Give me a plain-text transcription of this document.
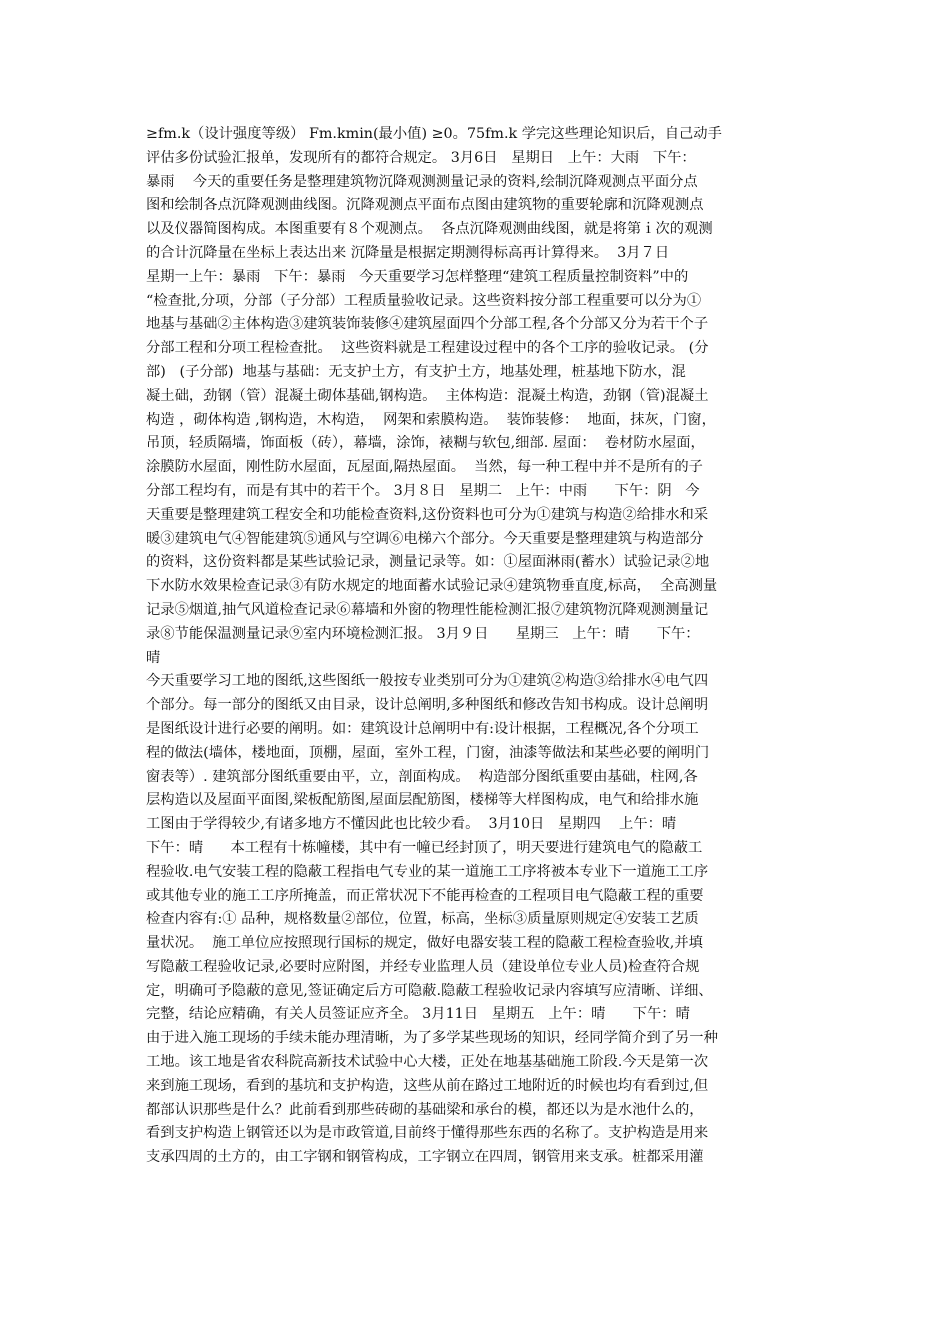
≥fm.k（设计强度等级） Fm.kmin(最小值) ≥0。75fm.k 学完这些理论知识后，自己动手
评估多份试验汇报单，发现所有的都符合规定。 3月6日   星期日   上午：大雨   下午：
暴雨    今天的重要任务是整理建筑物沉降观测测量记录的资料,绘制沉降观测点平面分点
图和绘制各点沉降观测曲线图。沉降观测点平面布点图由建筑物的重要轮廓和沉降观测点
以及仪器简图构成。本图重要有８个观测点。  各点沉降观测曲线图，就是将第ｉ次的观测
的合计沉降量在坐标上表达出来 沉降量是根据定期测得标高再计算得来。  3月７日
星期一上午：暴雨   下午：暴雨   今天重要学习怎样整理“建筑工程质量控制资料”中的
“检查批,分项，分部（子分部）工程质量验收记录。这些资料按分部工程重要可以分为①
地基与基础②主体构造③建筑装饰装修④建筑屋面四个分部工程,各个分部又分为若干个子
分部工程和分项工程检查批。  这些资料就是工程建设过程中的各个工序的验收记录。 (分
部)   (子分部)  地基与基础：无支护土方，有支护土方，地基处理，桩基地下防水，混
凝土础，劲钢（管）混凝土砌体基础,钢构造。  主体构造：混凝土构造，劲钢（管)混凝土
构造 ，砌体构造 ,钢构造，木构造，  网架和索膜构造。  装饰装修：  地面，抹灰，门窗，
吊顶，轻质隔墙，饰面板（砖），幕墙，涂饰，裱糊与软包,细部. 屋面：  卷材防水屋面，
涂膜防水屋面，刚性防水屋面，瓦屋面,隔热屋面。  当然，每一种工程中并不是所有的子
分部工程均有，而是有其中的若干个。 3月８日   星期二   上午：中雨      下午：阴   今
天重要是整理建筑工程安全和功能检查资料,这份资料也可分为①建筑与构造②给排水和采
暖③建筑电气④智能建筑⑤通风与空调⑥电梯六个部分。今天重要是整理建筑与构造部分
的资料，这份资料都是某些试验记录，测量记录等。如：①屋面淋雨(蓄水）试验记录②地
下水防水效果检查记录③有防水规定的地面蓄水试验记录④建筑物垂直度,标高，  全高测量
记录⑤烟道,抽气风道检查记录⑥幕墙和外窗的物理性能检测汇报⑦建筑物沉降观测测量记
录⑧节能保温测量记录⑨室内环境检测汇报。 3月９日      星期三   上午：晴      下午：
晴
今天重要学习工地的图纸,这些图纸一般按专业类别可分为①建筑②构造③给排水④电气四
个部分。每一部分的图纸又由目录，设计总阐明,多种图纸和修改告知书构成。设计总阐明
是图纸设计进行必要的阐明。如：建筑设计总阐明中有:设计根据，工程概况,各个分项工
程的做法(墙体，楼地面，顶棚，屋面，室外工程，门窗，油漆等做法和某些必要的阐明门
窗表等）. 建筑部分图纸重要由平，立，剖面构成。  构造部分图纸重要由基础，柱网,各
层构造以及屋面平面图,梁板配筋图,屋面层配筋图，楼梯等大样图构成，电气和给排水施
工图由于学得较少,有诸多地方不懂因此也比较少看。  3月10日   星期四    上午：晴
下午：晴      本工程有十栋幢楼，其中有一幢已经封顶了，明天要进行建筑电气的隐蔽工
程验收.电气安装工程的隐蔽工程指电气专业的某一道施工工序将被本专业下一道施工工序
或其他专业的施工工序所掩盖，而正常状况下不能再检查的工程项目电气隐蔽工程的重要
检查内容有:① 品种，规格数量②部位，位置，标高，坐标③质量原则规定④安装工艺质
量状况。  施工单位应按照现行国标的规定，做好电器安装工程的隐蔽工程检查验收,并填
写隐蔽工程验收记录,必要时应附图，并经专业监理人员（建设单位专业人员)检查符合规
定，明确可予隐蔽的意见,签证确定后方可隐蔽.隐蔽工程验收记录内容填写应清晰、详细、
完整，结论应精确，有关人员签证应齐全。 3月11日   星期五   上午：晴      下午：晴
由于进入施工现场的手续未能办理清晰，为了多学某些现场的知识，经同学简介到了另一种
工地。该工地是省农科院高新技术试验中心大楼，正处在地基基础施工阶段.今天是第一次
来到施工现场，看到的基坑和支护构造，这些从前在路过工地附近的时候也均有看到过,但
都部认识那些是什么？此前看到那些砖砌的基础梁和承台的模，都还以为是水池什么的，
看到支护构造上钢管还以为是市政管道,目前终于懂得那些东西的名称了。支护构造是用来
支承四周的土方的，由工字钢和钢管构成，工字钢立在四周，钢管用来支承。桩都采用灌
